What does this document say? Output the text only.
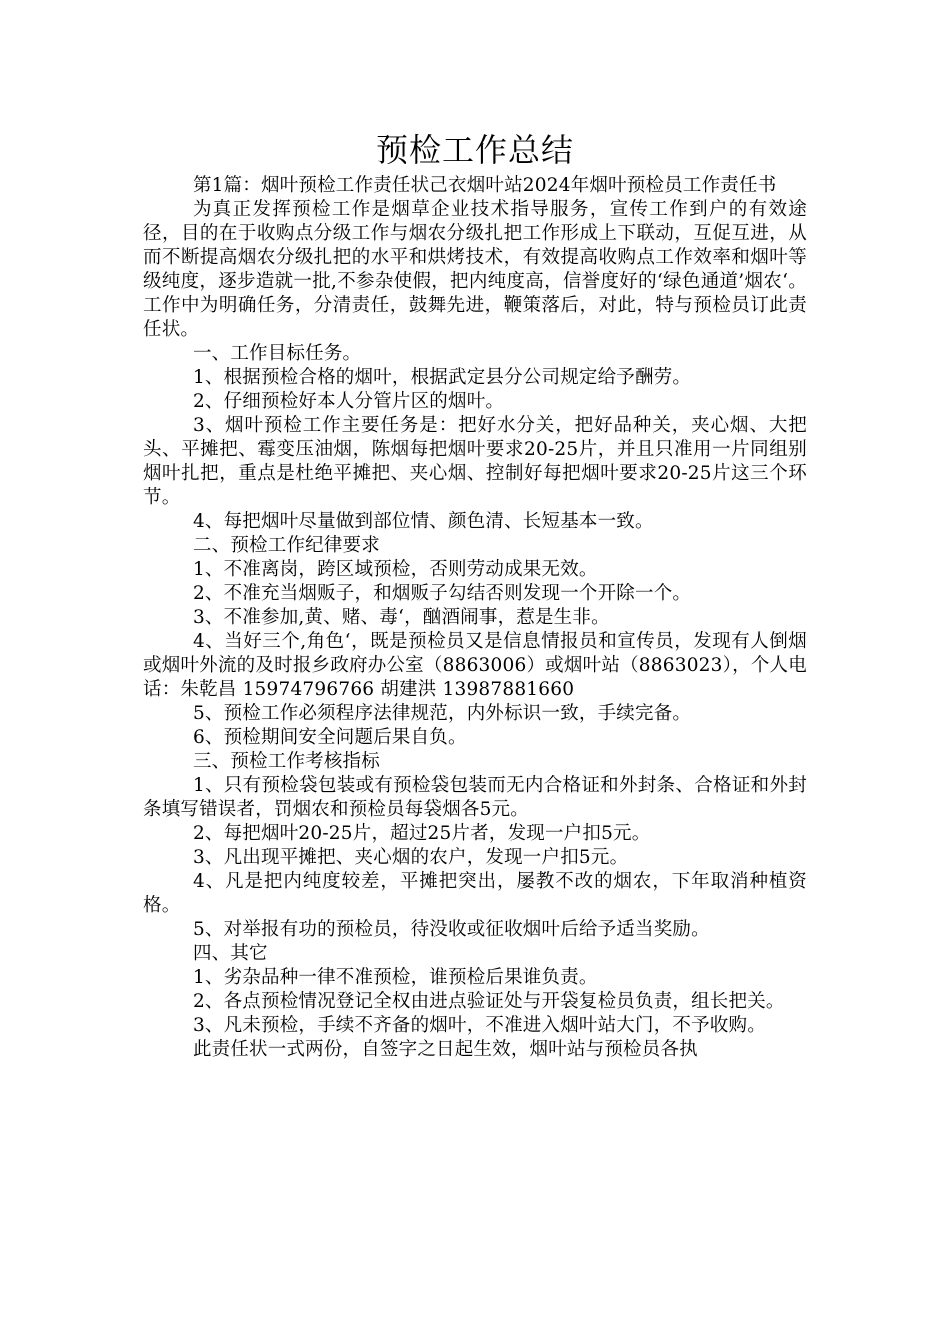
预检工作总结

第1篇：烟叶预检工作责任状己衣烟叶站2024年烟叶预检员工作责任书

为真正发挥预检工作是烟草企业技术指导服务，宣传工作到户的有效途径，目的在于收购点分级工作与烟农分级扎把工作形成上下联动，互促互进，从而不断提高烟农分级扎把的水平和烘烤技术，有效提高收购点工作效率和烟叶等级纯度，逐步造就一批,不参杂使假，把内纯度高，信誉度好的‘绿色通道’烟农‘。工作中为明确任务，分清责任，鼓舞先进，鞭策落后，对此，特与预检员订此责任状。

一、工作目标任务。

1、根据预检合格的烟叶，根据武定县分公司规定给予酬劳。

2、仔细预检好本人分管片区的烟叶。

3、烟叶预检工作主要任务是：把好水分关，把好品种关，夹心烟、大把头、平摊把、霉变压油烟，陈烟每把烟叶要求20-25片，并且只准用一片同组别烟叶扎把，重点是杜绝平摊把、夹心烟、控制好每把烟叶要求20-25片这三个环节。

4、每把烟叶尽量做到部位情、颜色清、长短基本一致。

二、预检工作纪律要求

1、不准离岗，跨区域预检，否则劳动成果无效。

2、不准充当烟贩子，和烟贩子勾结否则发现一个开除一个。

3、不准参加,黄、赌、毒‘，酗酒闹事，惹是生非。

4、当好三个,角色‘，既是预检员又是信息情报员和宣传员，发现有人倒烟或烟叶外流的及时报乡政府办公室（8863006）或烟叶站（8863023），个人电话：朱乾昌 15974796766 胡建洪 13987881660

5、预检工作必须程序法律规范，内外标识一致，手续完备。

6、预检期间安全问题后果自负。

三、预检工作考核指标

1、只有预检袋包装或有预检袋包装而无内合格证和外封条、合格证和外封条填写错误者，罚烟农和预检员每袋烟各5元。

2、每把烟叶20-25片，超过25片者，发现一户扣5元。

3、凡出现平摊把、夹心烟的农户，发现一户扣5元。

4、凡是把内纯度较差，平摊把突出，屡教不改的烟农，下年取消种植资格。

5、对举报有功的预检员，待没收或征收烟叶后给予适当奖励。

四、其它

1、劣杂品种一律不准预检，谁预检后果谁负责。

2、各点预检情况登记全权由进点验证处与开袋复检员负责，组长把关。

3、凡未预检，手续不齐备的烟叶，不准进入烟叶站大门，不予收购。

此责任状一式两份，自签字之日起生效，烟叶站与预检员各执
